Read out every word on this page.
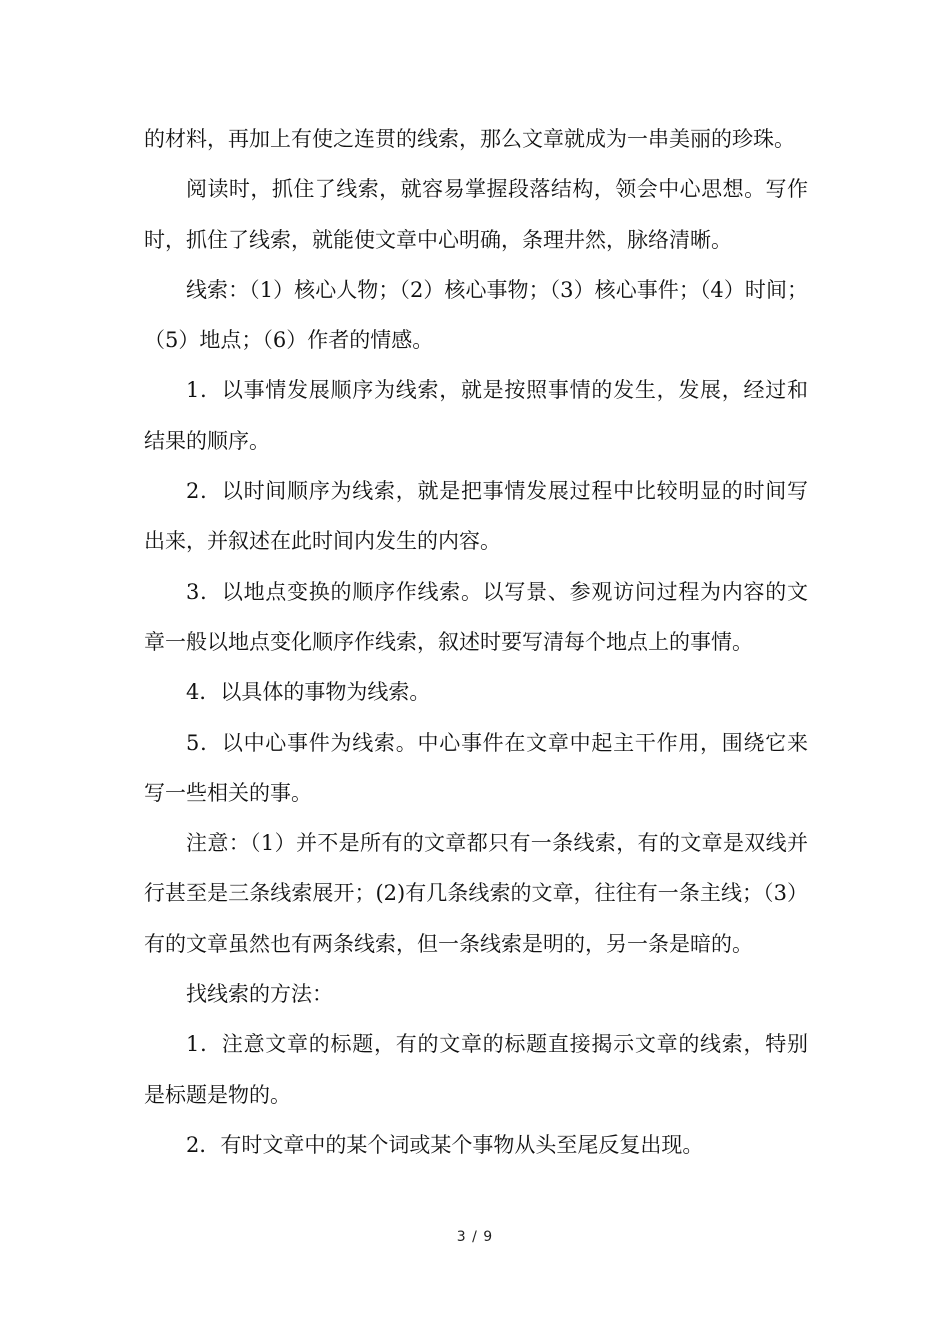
的材料，再加上有使之连贯的线索，那么文章就成为一串美丽的珍珠。

阅读时，抓住了线索，就容易掌握段落结构，领会中心思想。写作时，抓住了线索，就能使文章中心明确，条理井然，脉络清晰。

线索：（1）核心人物；（2）核心事物；（3）核心事件；（4）时间；（5）地点；（6）作者的情感。

1．以事情发展顺序为线索，就是按照事情的发生，发展，经过和结果的顺序。

2．以时间顺序为线索，就是把事情发展过程中比较明显的时间写出来，并叙述在此时间内发生的内容。

3．以地点变换的顺序作线索。以写景、参观访问过程为内容的文章一般以地点变化顺序作线索，叙述时要写清每个地点上的事情。

4．以具体的事物为线索。

5．以中心事件为线索。中心事件在文章中起主干作用，围绕它来写一些相关的事。

注意：（1）并不是所有的文章都只有一条线索，有的文章是双线并行甚至是三条线索展开；(2)有几条线索的文章，往往有一条主线；（3）有的文章虽然也有两条线索，但一条线索是明的，另一条是暗的。

找线索的方法：

1．注意文章的标题，有的文章的标题直接揭示文章的线索，特别是标题是物的。

2．有时文章中的某个词或某个事物从头至尾反复出现。

3 / 9
